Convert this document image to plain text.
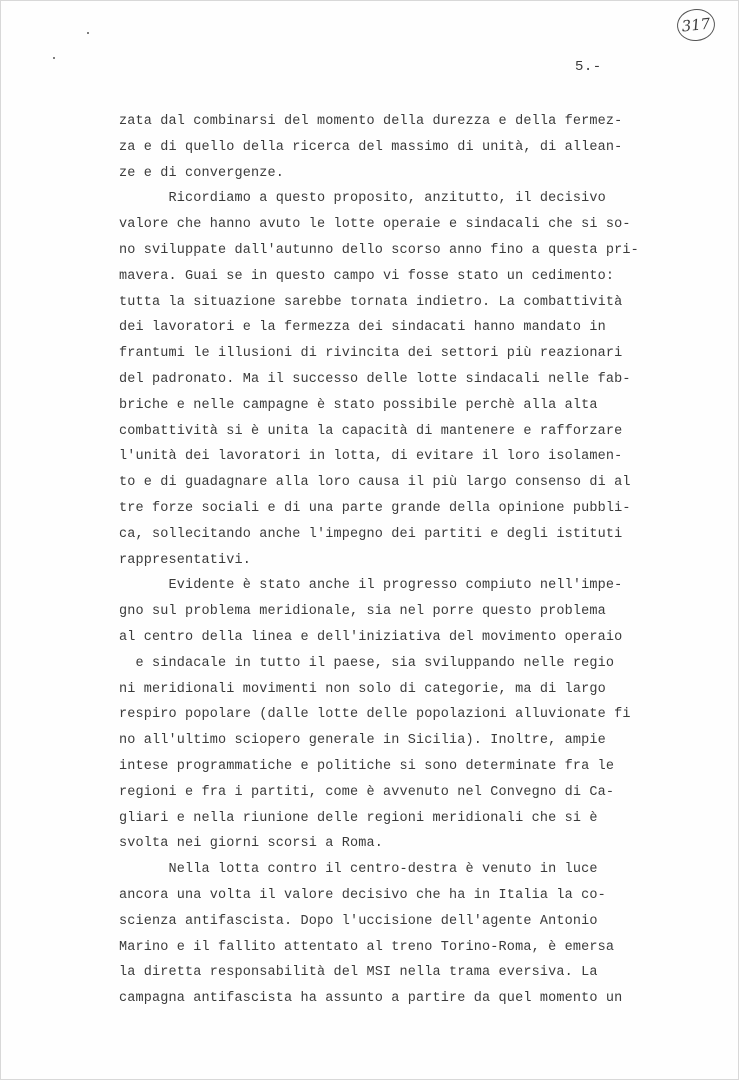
317
5.-
zata dal combinarsi del momento della durezza e della fermez-
za e di quello della ricerca del massimo di unità, di allean-
ze e di convergenze.
Ricordiamo a questo proposito, anzitutto, il decisivo
valore che hanno avuto le lotte operaie e sindacali che si so-
no sviluppate dall'autunno dello scorso anno fino a questa pri-
mavera. Guai se in questo campo vi fosse stato un cedimento:
tutta la situazione sarebbe tornata indietro. La combattività
dei lavoratori e la fermezza dei sindacati hanno mandato in
frantumi le illusioni di rivincita dei settori più reazionari
del padronato. Ma il successo delle lotte sindacali nelle fab-
briche e nelle campagne è stato possibile perchè alla alta
combattività si è unita la capacità di mantenere e rafforzare
l'unità dei lavoratori in lotta, di evitare il loro isolamen-
to e di guadagnare alla loro causa il più largo consenso di al
tre forze sociali e di una parte grande della opinione pubbli-
ca, sollecitando anche l'impegno dei partiti e degli istituti
rappresentativi.
Evidente è stato anche il progresso compiuto nell'impe-
gno sul problema meridionale, sia nel porre questo problema
al centro della linea e dell'iniziativa del movimento operaio
e sindacale in tutto il paese, sia sviluppando nelle regio
ni meridionali movimenti non solo di categorie, ma di largo
respiro popolare (dalle lotte delle popolazioni alluvionate fi
no all'ultimo sciopero generale in Sicilia). Inoltre, ampie
intese programmatiche e politiche si sono determinate fra le
regioni e fra i partiti, come è avvenuto nel Convegno di Ca-
gliari e nella riunione delle regioni meridionali che si è
svolta nei giorni scorsi a Roma.
Nella lotta contro il centro-destra è venuto in luce
ancora una volta il valore decisivo che ha in Italia la co-
scienza antifascista. Dopo l'uccisione dell'agente Antonio
Marino e il fallito attentato al treno Torino-Roma, è emersa
la diretta responsabilità del MSI nella trama eversiva. La
campagna antifascista ha assunto a partire da quel momento un
